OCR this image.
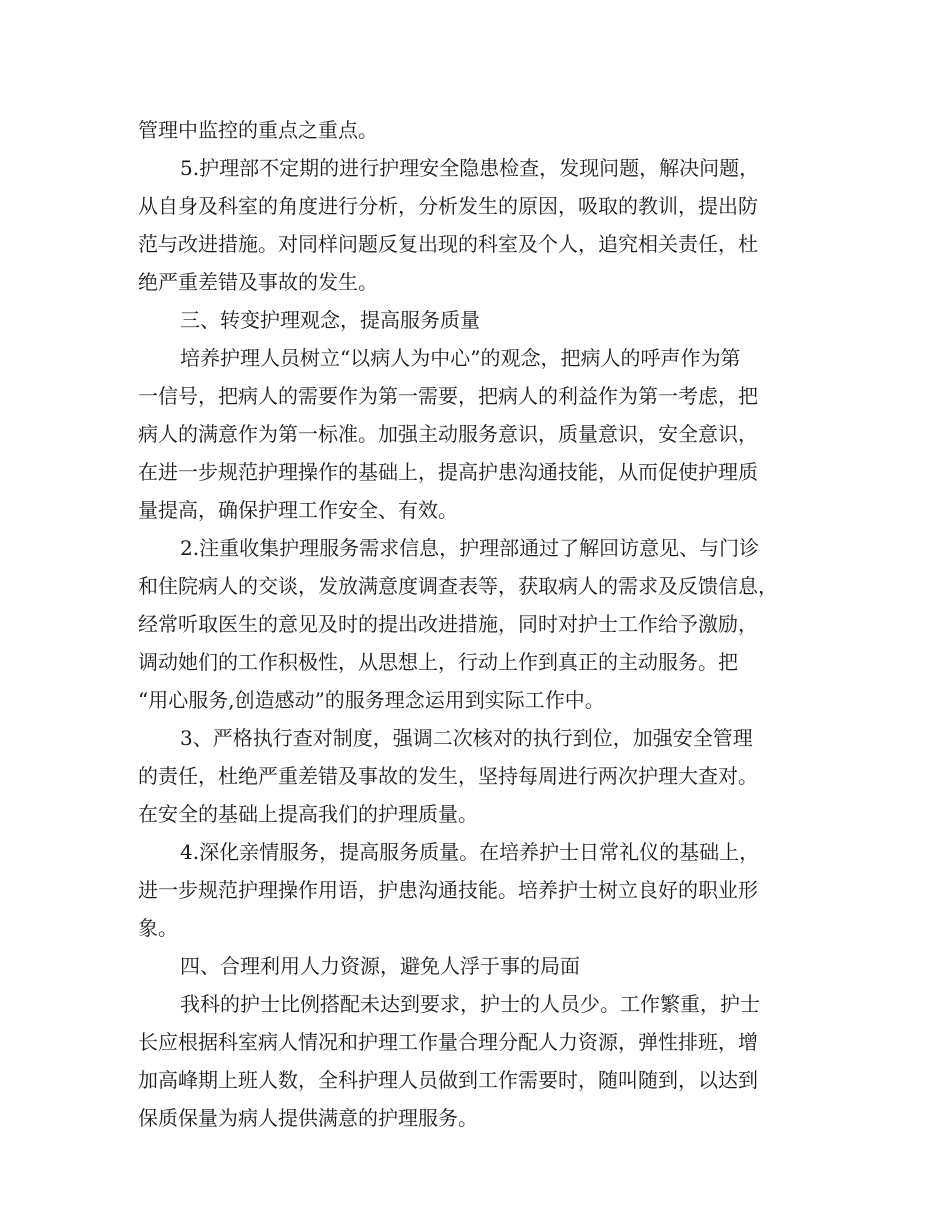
管理中监控的重点之重点。
5.护理部不定期的进行护理安全隐患检查，发现问题，解决问题，
从自身及科室的角度进行分析，分析发生的原因，吸取的教训，提出防
范与改进措施。对同样问题反复出现的科室及个人，追究相关责任，杜
绝严重差错及事故的发生。
三、转变护理观念，提高服务质量
培养护理人员树立“以病人为中心”的观念，把病人的呼声作为第
一信号，把病人的需要作为第一需要，把病人的利益作为第一考虑，把
病人的满意作为第一标准。加强主动服务意识，质量意识，安全意识，
在进一步规范护理操作的基础上，提高护患沟通技能，从而促使护理质
量提高，确保护理工作安全、有效。
2.注重收集护理服务需求信息，护理部通过了解回访意见、与门诊
和住院病人的交谈，发放满意度调查表等，获取病人的需求及反馈信息，
经常听取医生的意见及时的提出改进措施，同时对护士工作给予激励，
调动她们的工作积极性，从思想上，行动上作到真正的主动服务。把
“用心服务,创造感动”的服务理念运用到实际工作中。
3、严格执行查对制度，强调二次核对的执行到位，加强安全管理
的责任，杜绝严重差错及事故的发生，坚持每周进行两次护理大查对。
在安全的基础上提高我们的护理质量。
4.深化亲情服务，提高服务质量。在培养护士日常礼仪的基础上，
进一步规范护理操作用语，护患沟通技能。培养护士树立良好的职业形
象。
四、合理利用人力资源，避免人浮于事的局面
我科的护士比例搭配未达到要求，护士的人员少。工作繁重，护士
长应根据科室病人情况和护理工作量合理分配人力资源，弹性排班，增
加高峰期上班人数，全科护理人员做到工作需要时，随叫随到，以达到
保质保量为病人提供满意的护理服务。
